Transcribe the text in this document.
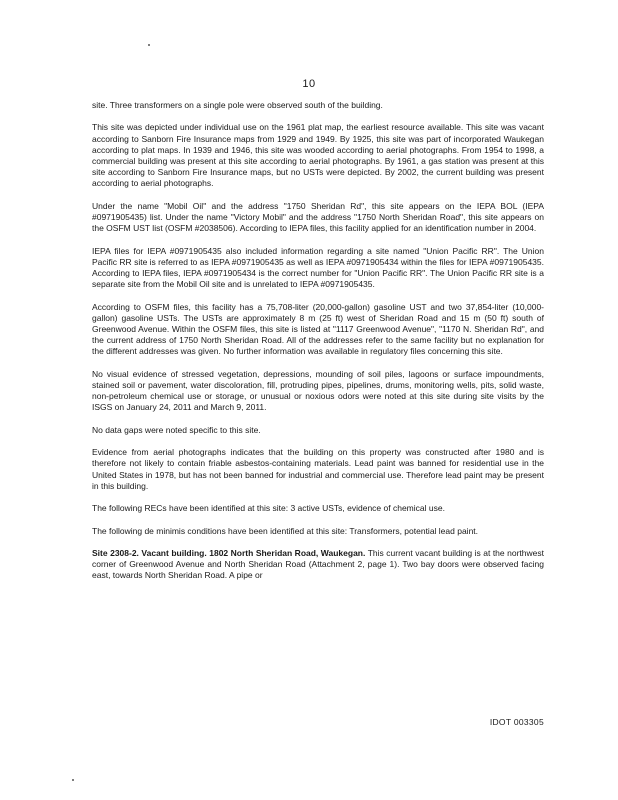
10

site. Three transformers on a single pole were observed south of the building.

This site was depicted under individual use on the 1961 plat map, the earliest resource available. This site was vacant according to Sanborn Fire Insurance maps from 1929 and 1949. By 1925, this site was part of incorporated Waukegan according to plat maps. In 1939 and 1946, this site was wooded according to aerial photographs. From 1954 to 1998, a commercial building was present at this site according to aerial photographs. By 1961, a gas station was present at this site according to Sanborn Fire Insurance maps, but no USTs were depicted. By 2002, the current building was present according to aerial photographs.

Under the name "Mobil Oil" and the address "1750 Sheridan Rd", this site appears on the IEPA BOL (IEPA #0971905435) list. Under the name "Victory Mobil" and the address "1750 North Sheridan Road", this site appears on the OSFM UST list (OSFM #2038506). According to IEPA files, this facility applied for an identification number in 2004.

IEPA files for IEPA #0971905435 also included information regarding a site named "Union Pacific RR". The Union Pacific RR site is referred to as IEPA #0971905435 as well as IEPA #0971905434 within the files for IEPA #0971905435. According to IEPA files, IEPA #0971905434 is the correct number for "Union Pacific RR". The Union Pacific RR site is a separate site from the Mobil Oil site and is unrelated to IEPA #0971905435.

According to OSFM files, this facility has a 75,708-liter (20,000-gallon) gasoline UST and two 37,854-liter (10,000-gallon) gasoline USTs. The USTs are approximately 8 m (25 ft) west of Sheridan Road and 15 m (50 ft) south of Greenwood Avenue. Within the OSFM files, this site is listed at "1117 Greenwood Avenue", "1170 N. Sheridan Rd", and the current address of 1750 North Sheridan Road. All of the addresses refer to the same facility but no explanation for the different addresses was given. No further information was available in regulatory files concerning this site.

No visual evidence of stressed vegetation, depressions, mounding of soil piles, lagoons or surface impoundments, stained soil or pavement, water discoloration, fill, protruding pipes, pipelines, drums, monitoring wells, pits, solid waste, non-petroleum chemical use or storage, or unusual or noxious odors were noted at this site during site visits by the ISGS on January 24, 2011 and March 9, 2011.

No data gaps were noted specific to this site.

Evidence from aerial photographs indicates that the building on this property was constructed after 1980 and is therefore not likely to contain friable asbestos-containing materials. Lead paint was banned for residential use in the United States in 1978, but has not been banned for industrial and commercial use. Therefore lead paint may be present in this building.

The following RECs have been identified at this site: 3 active USTs, evidence of chemical use.

The following de minimis conditions have been identified at this site: Transformers, potential lead paint.

Site 2308-2. Vacant building. 1802 North Sheridan Road, Waukegan. This current vacant building is at the northwest corner of Greenwood Avenue and North Sheridan Road (Attachment 2, page 1). Two bay doors were observed facing east, towards North Sheridan Road. A pipe or

IDOT 003305
